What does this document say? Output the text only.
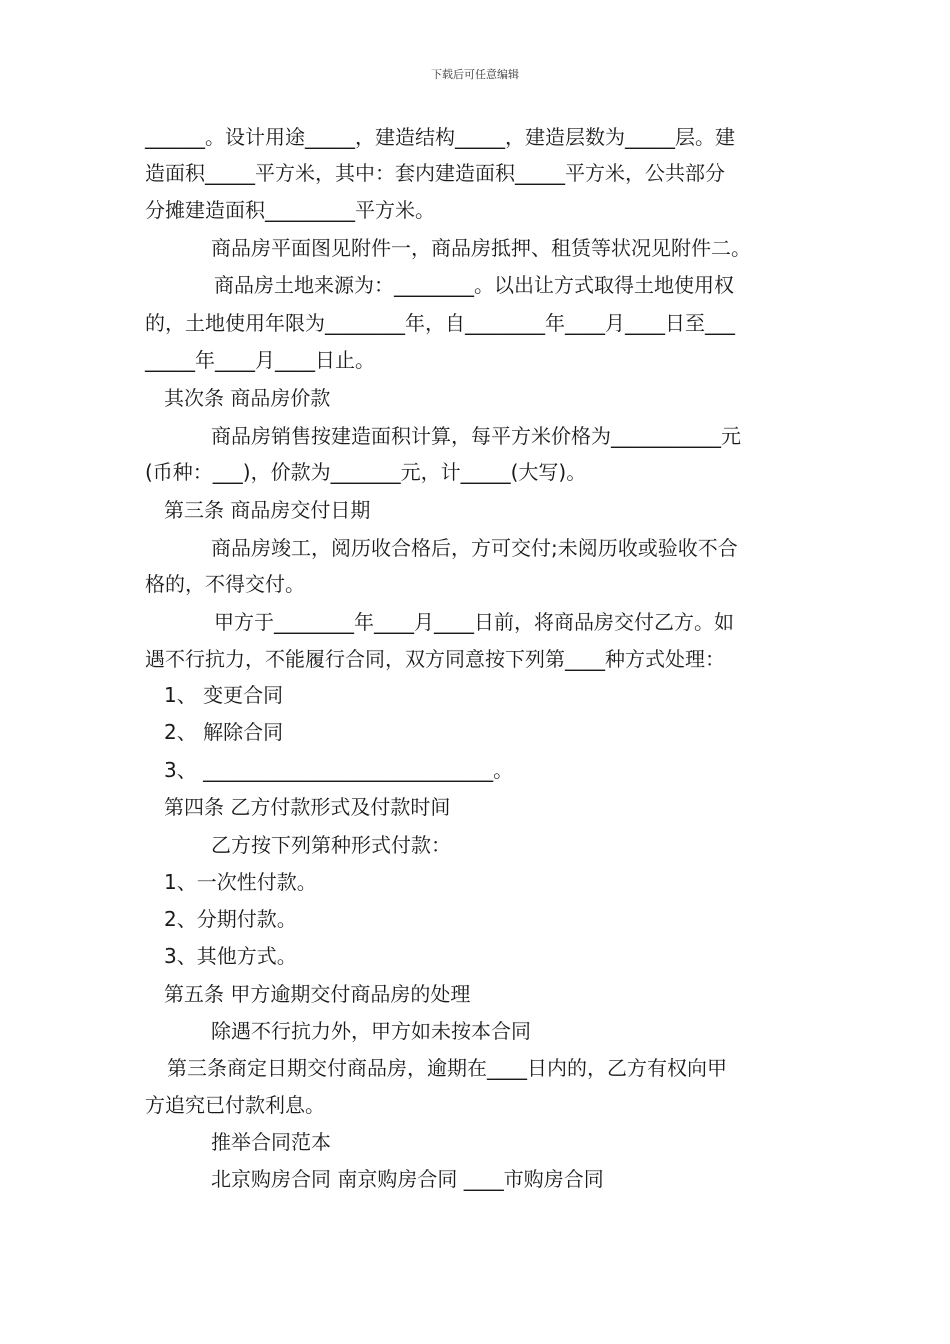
下载后可任意编辑
______。设计用途_____，建造结构_____，建造层数为_____层。建
造面积_____平方米，其中：套内建造面积_____平方米，公共部分
分摊建造面积_________平方米。
商品房平面图见附件一，商品房抵押、租赁等状况见附件二。
商品房土地来源为：________。以出让方式取得土地使用权
的，土地使用年限为________年，自________年____月____日至___
_____年____月____日止。
其次条 商品房价款
商品房销售按建造面积计算，每平方米价格为___________元
(币种：___)，价款为_______元，计_____(大写)。
第三条 商品房交付日期
商品房竣工，阅历收合格后，方可交付;未阅历收或验收不合
格的，不得交付。
甲方于________年____月____日前，将商品房交付乙方。如
遇不行抗力，不能履行合同，双方同意按下列第____种方式处理：
1、 变更合同
2、 解除合同
3、 _____________________________。
第四条 乙方付款形式及付款时间
乙方按下列第种形式付款：
1、一次性付款。
2、分期付款。
3、其他方式。
第五条 甲方逾期交付商品房的处理
除遇不行抗力外，甲方如未按本合同
第三条商定日期交付商品房，逾期在____日内的，乙方有权向甲
方追究已付款利息。
推举合同范本
北京购房合同 南京购房合同 ____市购房合同
